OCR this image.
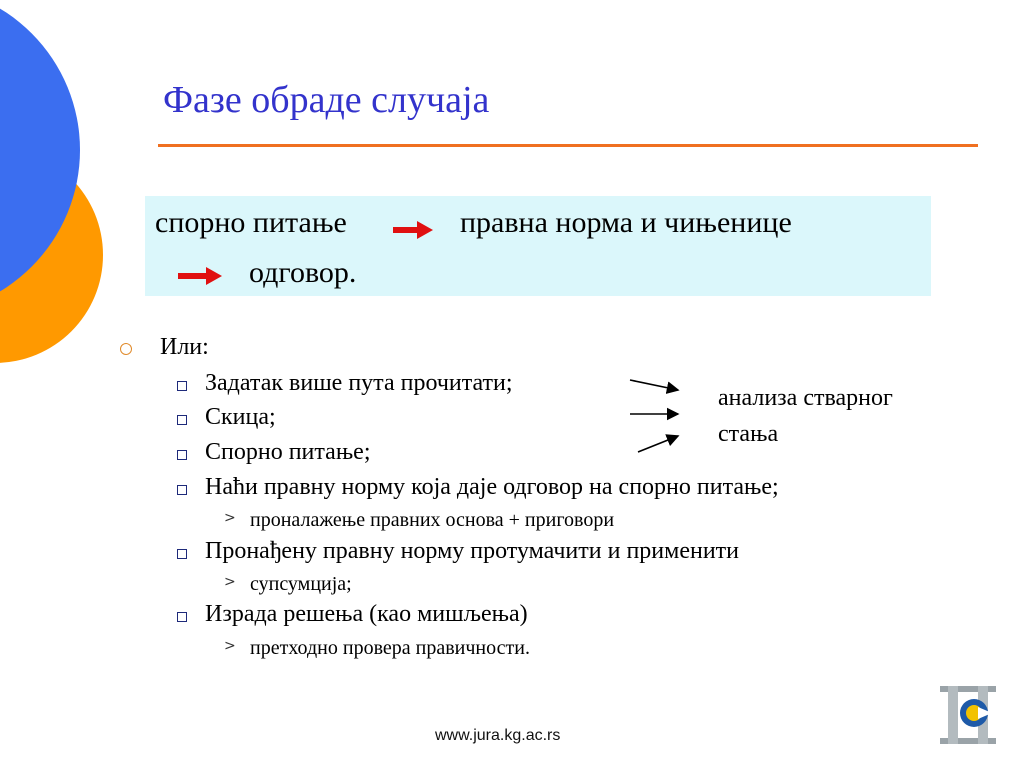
Фазе обраде случаја
спорно питање	правна норма и чињенице
одговор.
Или:
Задатак више пута прочитати;
Скица;
Спорно питање;
Наћи правну норму која даје одговор на спорно питање;
> проналажење правних основа + приговори
Пронађену правну норму протумачити и применити
> супсумција;
Израда решења (као мишљења)
> претходно провера правичности.
анализа стварног
стања
www.jura.kg.ac.rs
